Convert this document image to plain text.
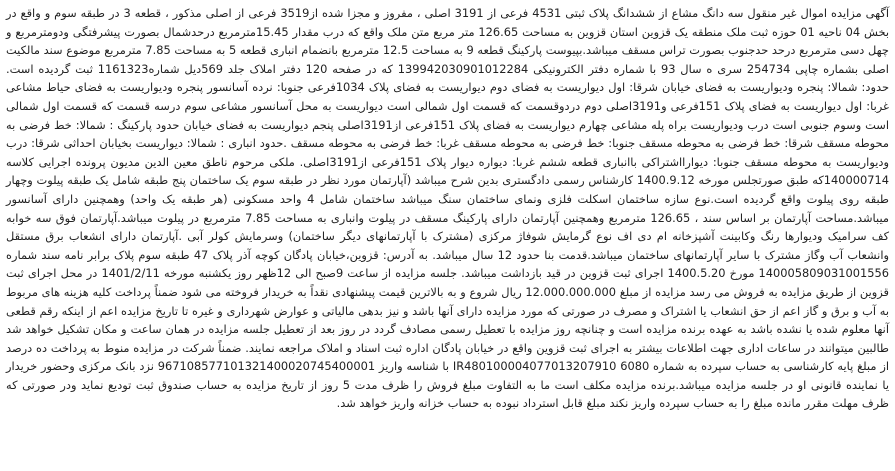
آگهی مزایده اموال غیر منقول سه دانگ مشاع از ششدانگ پلاک ثبتی 4531 فرعی از 3191 اصلی ، مفروز و مجزا شده از3519 فرعی از اصلی مذکور ، قطعه 3 در طبقه سوم و واقع در بخش 04 ناحیه 01 حوزه ثبت ملک منطقه یک قزوین استان قزوین به مساحت 126.65 متر مربع متن ملک واقع که درب مقدار 15.45مترمربع درحدشمال بصورت پیشرفتگی ودومترمربع و چهل دسی مترمربع درحد حدجنوب بصورت تراس مسقف میباشد.بپیوست پارکینگ قطعه 9 به مساحت 12.5 مترمربع بانضمام انباری قطعه 5 به مساحت 7.85 مترمربع موضوع سند مالکیت اصلی بشماره چاپی 254734 سری ه سال 93 با شماره دفتر الکترونیکی 139942030901012284 که در صفحه 120 دفتر املاک جلد 569دیل شماره1161323 ثبت گردیده است. حدود: شمالا: پنجره ودیواریست به فضای خیابان شرقا: اول دیواریست به فضای دوم دیواریست به فضای پلاک 1034فرعی جنوبا: نرده آسانسور پنجره ودیواریست به فضای حیاط مشاعی غربا: اول دیواریست به فضای پلاک 151فرعی و3191اصلی دوم دردوقسمت که قسمت اول شمالی است دیواریست به محل آسانسور مشاعی سوم درسه قسمت که قسمت اول شمالی است وسوم جنوبی است درب ودیواریست براه پله مشاعی چهارم دیواریست به فضای پلاک 151فرعی از3191اصلی پنجم دیواریست به فضای خیابان حدود پارکینگ : شمالا: خط فرضی به محوطه مسقف شرقا: خط فرضی به محوطه مسقف جنوبا: خط فرضی به محوطه مسقف غربا: خط فرضی به محوطه مسقف .حدود انباری : شمالا: دیواریست بخیابان احداثی شرقا: درب ودیواریست به محوطه مسقف جنوبا: دیوارااشتراکی باانباری قطعه ششم غربا: دیواره دیوار پلاک 151فرعی از3191اصلی. ملکی مرحوم ناطق معین الدین مدیون پرونده اجرایی کلاسه 140000714که طبق صورتجلس مورخه 1400.9.12 کارشناس رسمی دادگستری بدین شرح میباشد (آپارتمان مورد نظر در طبقه سوم یک ساختمان پنج طبقه شامل یک طبقه پیلوت وچهار طبقه روی پیلوت واقع گردیده است.نوع سازه ساختمان اسکلت فلزی ونمای ساختمان سنگ میباشد ساختمان شامل 4 واحد مسکونی (هر طبقه یک واحد) وهمچنین دارای آسانسور میباشد.مساحت آپارتمان بر اساس سند ، 126.65 مترمربع وهمچنین آپارتمان دارای پارکینگ مسقف در پیلوت وانباری به مساحت 7.85 مترمربع در پیلوت میباشد.آپارتمان فوق سه خوابه کف سرامیک ودیوارها رنگ وکابینت آشپزخانه ام دی اف نوع گرمایش شوفاژ مرکزی (مشترک با آپارتمانهای دیگر ساختمان) وسرمایش کولر آبی .آپارتمان دارای انشعاب برق مستقل وانشعاب آب وگاز مشترک با سایر آپارتمانهای ساختمان میباشد.قدمت بنا حدود 12 سال میباشد. به آدرس: قزوین،خیابان پادگان کوچه آذر پلاک 47 طبقه سوم پلاک برابر نامه سند شماره 140005809031001556 مورخ 1400.5.20 اجرای ثبت قزوین در قید بازداشت میباشد. جلسه مزایده از ساعت 9صبح الی 12ظهر روز یکشنبه مورخه 1401/2/11 در محل اجرای ثبت قزوین از طریق مزایده به فروش می رسد مزایده از مبلغ 12.000.000.000 ریال شروع و به بالاترین قیمت پیشنهادی نقداً به خریدار فروخته می شود ضمناً پرداخت کلیه هزینه های مربوط به آب و برق و گاز اعم از حق انشعاب یا اشتراک و مصرف در صورتی که مورد مزایده دارای آنها باشد و نیز بدهی مالیاتی و عوارض شهرداری و غیره تا تاریخ مزایده اعم از اینکه رقم قطعی آنها معلوم شده یا نشده باشد به عهده برنده مزایده است و چنانچه روز مزایده با تعطیل رسمی مصادف گردد در روز بعد از تعطیل جلسه مزایده در همان ساعت و مکان تشکیل خواهد شد طالبین میتوانند در ساعات اداری جهت اطلاعات بیشتر به اجرای ثبت قزوین واقع در خیابان پادگان اداره ثبت اسناد و املاک مراجعه نمایند. ضمناً شرکت در مزایده منوط به پرداخت ده درصد از مبلغ پایه کارشناسی به حساب سپرده به شماره IR480100004077013207910 6080 با شناسه واریز 967108577101321400020745400001 نزد بانک مرکزی وحضور خریدار یا نماینده قانونی او در جلسه مزایده میباشد.برنده مزایده مکلف است ما به التفاوت مبلغ فروش را ظرف مدت 5 روز از تاریخ مزایده به حساب صندوق ثبت تودیع نماید ودر صورتی که ظرف مهلت مقرر مانده مبلغ را به حساب سپرده واریز نکند مبلغ قابل استرداد نبوده به حساب خزانه واریز خواهد شد.
